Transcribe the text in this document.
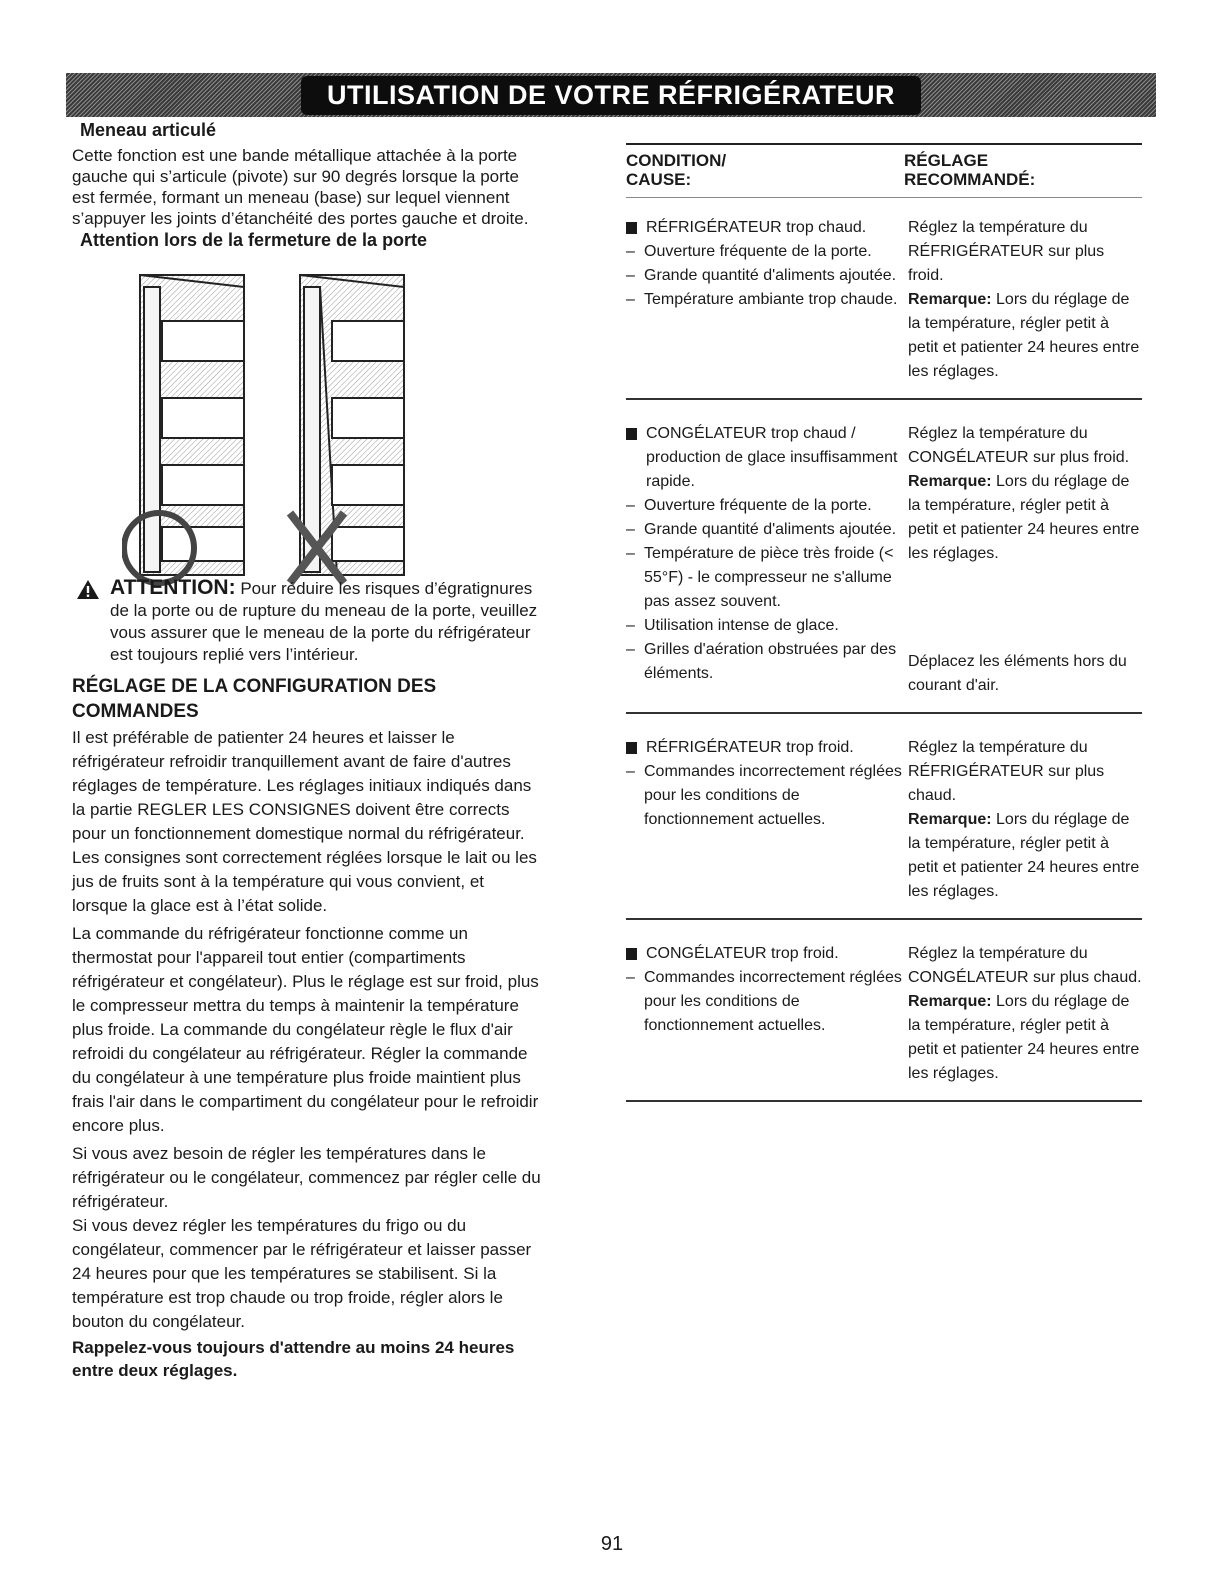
UTILISATION DE VOTRE RÉFRIGÉRATEUR

Meneau articulé

Cette fonction est une bande métallique attachée à la porte gauche qui s’articule (pivote) sur 90 degrés lorsque la porte est fermée, formant un meneau (base) sur lequel viennent s’appuyer les joints d’étanchéité des portes gauche et droite.

Attention lors de la fermeture de la porte

ATTENTION: Pour réduire les risques d’égratignures de la porte ou de rupture du meneau de la porte, veuillez vous assurer que le meneau de la porte du réfrigérateur est toujours replié vers l’intérieur.

RÉGLAGE DE LA CONFIGURATION DES COMMANDES

Il est préférable de patienter 24 heures et laisser le réfrigérateur refroidir tranquillement avant de faire d'autres réglages de température. Les réglages initiaux indiqués dans la partie REGLER LES CONSIGNES doivent être corrects pour un fonctionnement domestique normal du réfrigérateur. Les consignes sont correctement réglées lorsque le lait ou les jus de fruits sont à la température qui vous convient, et lorsque la glace est à l’état solide.

La commande du réfrigérateur fonctionne comme un thermostat pour l'appareil tout entier (compartiments réfrigérateur et congélateur). Plus le réglage est sur froid, plus le compresseur mettra du temps à maintenir la température plus froide. La commande du congélateur règle le flux d'air refroidi du congélateur au réfrigérateur. Régler la commande du congélateur à une température plus froide maintient plus frais l'air dans le compartiment du congélateur pour le refroidir encore plus.

Si vous avez besoin de régler les températures dans le réfrigérateur ou le congélateur, commencez par régler celle du réfrigérateur.

Si vous devez régler les températures du frigo ou du congélateur, commencer par le réfrigérateur et laisser passer 24 heures pour que les températures se stabilisent. Si la température est trop chaude ou trop froide, régler alors le bouton du congélateur.

Rappelez-vous toujours d'attendre au moins 24 heures entre deux réglages.

CONDITION/
CAUSE:
RÉGLAGE
RECOMMANDÉ:
RÉFRIGÉRATEUR trop chaud.
– Ouverture fréquente de la porte.
– Grande quantité d'aliments ajoutée.
– Température ambiante trop chaude.
Réglez la température du RÉFRIGÉRATEUR sur plus froid.
Remarque: Lors du réglage de la température, régler petit à petit et patienter 24 heures entre les réglages.
CONGÉLATEUR trop chaud / production de glace insuffisamment rapide.
– Ouverture fréquente de la porte.
– Grande quantité d'aliments ajoutée.
– Température de pièce très froide (< 55°F) - le compresseur ne s'allume pas assez souvent.
– Utilisation intense de glace.
– Grilles d'aération obstruées par des éléments.
Réglez la température du CONGÉLATEUR sur plus froid.
Remarque: Lors du réglage de la température, régler petit à petit et patienter 24 heures entre les réglages.
Déplacez les éléments hors du courant d'air.
RÉFRIGÉRATEUR trop froid.
– Commandes incorrectement réglées pour les conditions de fonctionnement actuelles.
Réglez la température du RÉFRIGÉRATEUR sur plus chaud.
Remarque: Lors du réglage de la température, régler petit à petit et patienter 24 heures entre les réglages.
CONGÉLATEUR trop froid.
– Commandes incorrectement réglées pour les conditions de fonctionnement actuelles.
Réglez la température du CONGÉLATEUR sur plus chaud.
Remarque: Lors du réglage de la température, régler petit à petit et patienter 24 heures entre les réglages.
91
